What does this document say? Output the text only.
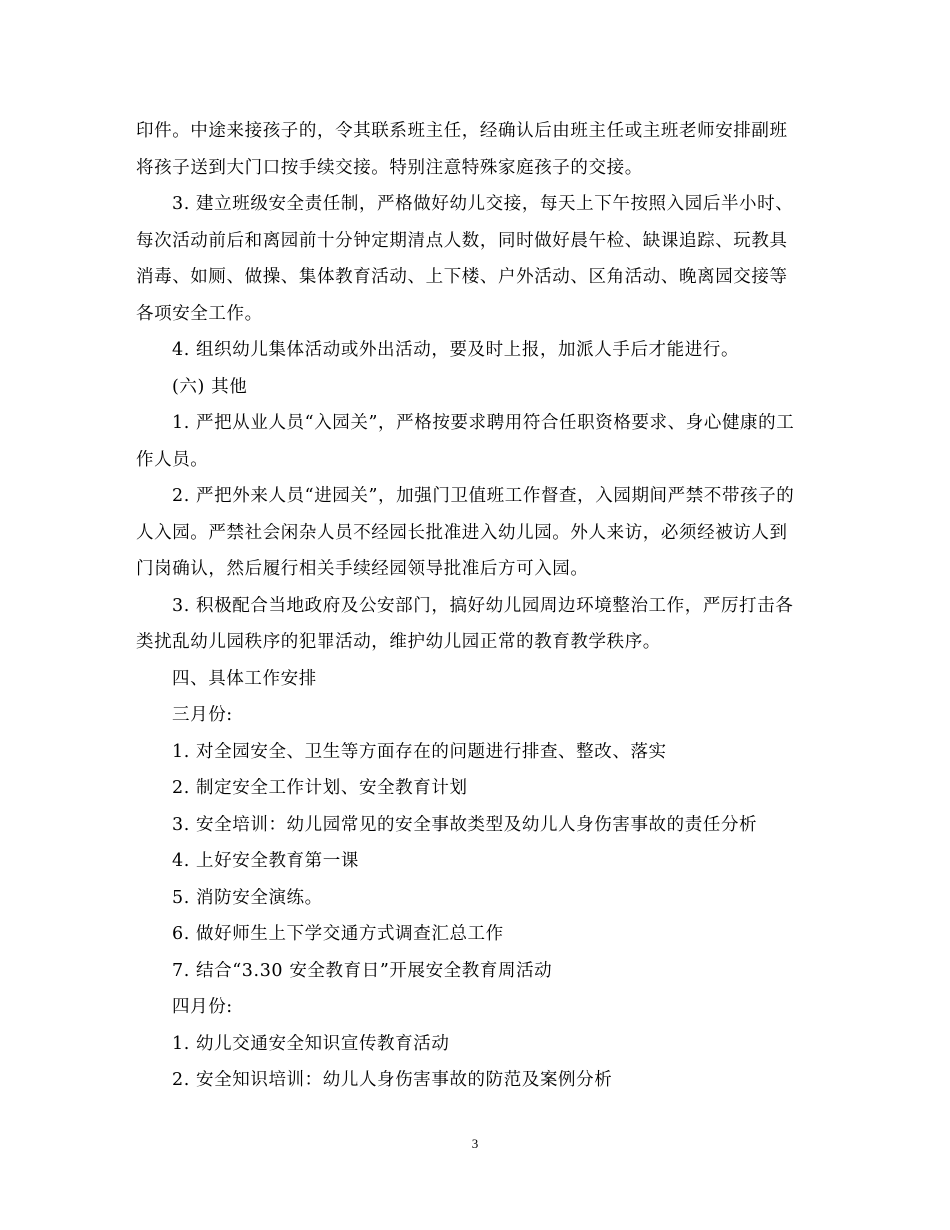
印件。中途来接孩子的，令其联系班主任，经确认后由班主任或主班老师安排副班
将孩子送到大门口按手续交接。特别注意特殊家庭孩子的交接。

3. 建立班级安全责任制，严格做好幼儿交接，每天上下午按照入园后半小时、
每次活动前后和离园前十分钟定期清点人数，同时做好晨午检、缺课追踪、玩教具
消毒、如厕、做操、集体教育活动、上下楼、户外活动、区角活动、晚离园交接等
各项安全工作。

4. 组织幼儿集体活动或外出活动，要及时上报，加派人手后才能进行。

(六) 其他

1. 严把从业人员“入园关”，严格按要求聘用符合任职资格要求、身心健康的工
作人员。

2. 严把外来人员“进园关”，加强门卫值班工作督查，入园期间严禁不带孩子的
人入园。严禁社会闲杂人员不经园长批准进入幼儿园。外人来访，必须经被访人到
门岗确认，然后履行相关手续经园领导批准后方可入园。

3. 积极配合当地政府及公安部门，搞好幼儿园周边环境整治工作，严厉打击各
类扰乱幼儿园秩序的犯罪活动，维护幼儿园正常的教育教学秩序。

四、具体工作安排

三月份:

1. 对全园安全、卫生等方面存在的问题进行排查、整改、落实

2. 制定安全工作计划、安全教育计划

3. 安全培训：幼儿园常见的安全事故类型及幼儿人身伤害事故的责任分析

4. 上好安全教育第一课

5. 消防安全演练。

6. 做好师生上下学交通方式调查汇总工作

7. 结合“3.30 安全教育日”开展安全教育周活动

四月份:

1. 幼儿交通安全知识宣传教育活动

2. 安全知识培训：幼儿人身伤害事故的防范及案例分析

3
